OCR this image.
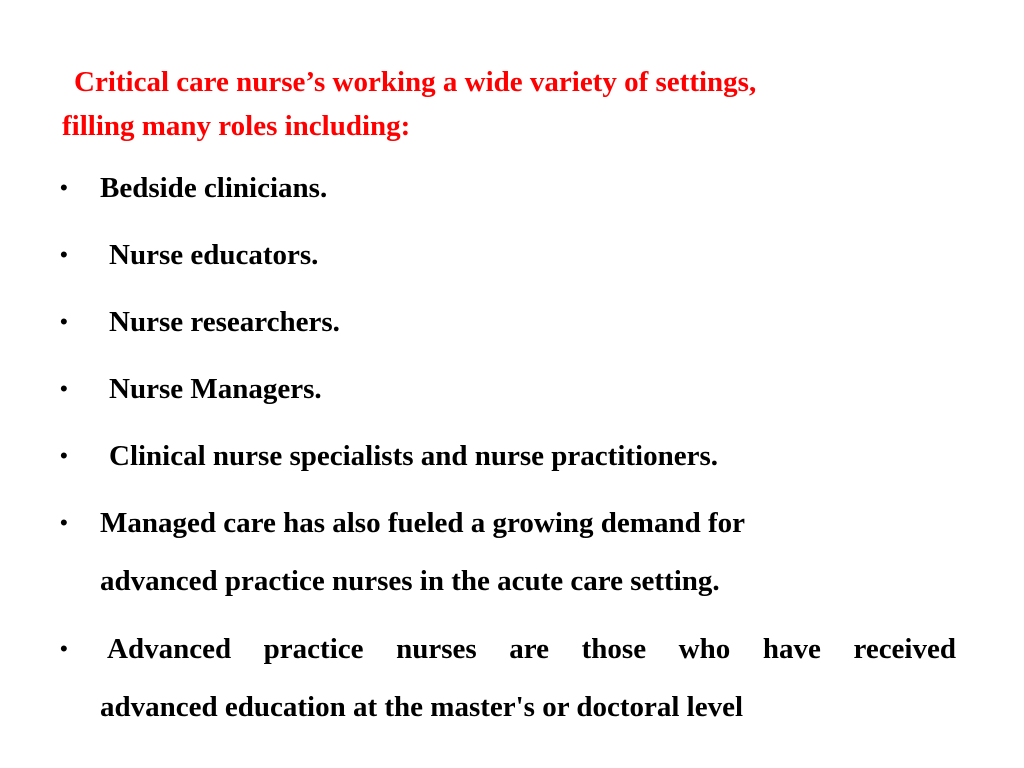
Critical care nurse’s working a wide variety of settings,
filling many roles including:
•	Bedside clinicians.
•	Nurse educators.
•	Nurse researchers.
•	Nurse Managers.
•	Clinical nurse specialists and nurse practitioners.
•	Managed care has also fueled a growing demand for
advanced practice nurses in the acute care setting.
•	Advanced practice nurses are those who have received
advanced education at the master's or doctoral level
